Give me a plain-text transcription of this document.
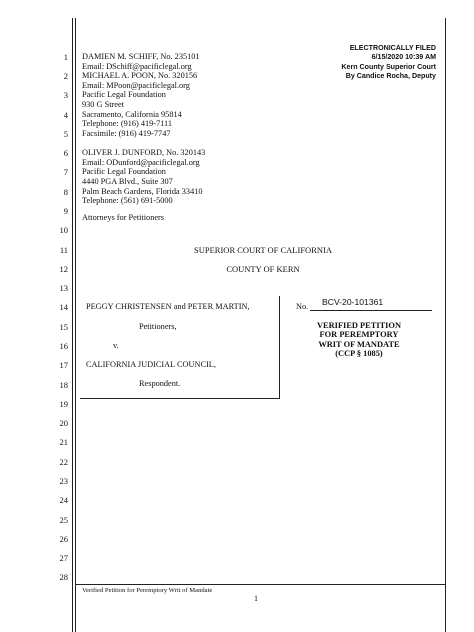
ELECTRONICALLY FILED
6/15/2020 10:39 AM
Kern County Superior Court
By Candice Rocha, Deputy
1
2
3
4
5
6
7
8
9
10
11
12
13
14
15
16
17
18
19
20
21
22
23
24
25
26
27
28
DAMIEN M. SCHIFF, No. 235101
Email: DSchiff@pacificlegal.org
MICHAEL A. POON, No. 320156
Email: MPoon@pacificlegal.org
Pacific Legal Foundation
930 G Street
Sacramento, California 95814
Telephone: (916) 419-7111
Facsimile: (916) 419-7747
OLIVER J. DUNFORD, No. 320143
Email: ODunford@pacificlegal.org
Pacific Legal Foundation
4440 PGA Blvd., Suite 307
Palm Beach Gardens, Florida 33410
Telephone: (561) 691-5000
Attorneys for Petitioners
SUPERIOR COURT OF CALIFORNIA
COUNTY OF KERN
PEGGY CHRISTENSEN and PETER MARTIN,
Petitioners,
v.
CALIFORNIA JUDICIAL COUNCIL,
Respondent.
No. BCV-20-101361
VERIFIED PETITION
FOR PEREMPTORY
WRIT OF MANDATE
(CCP § 1085)
Verified Petition for Peremptory Writ of Mandate
1
